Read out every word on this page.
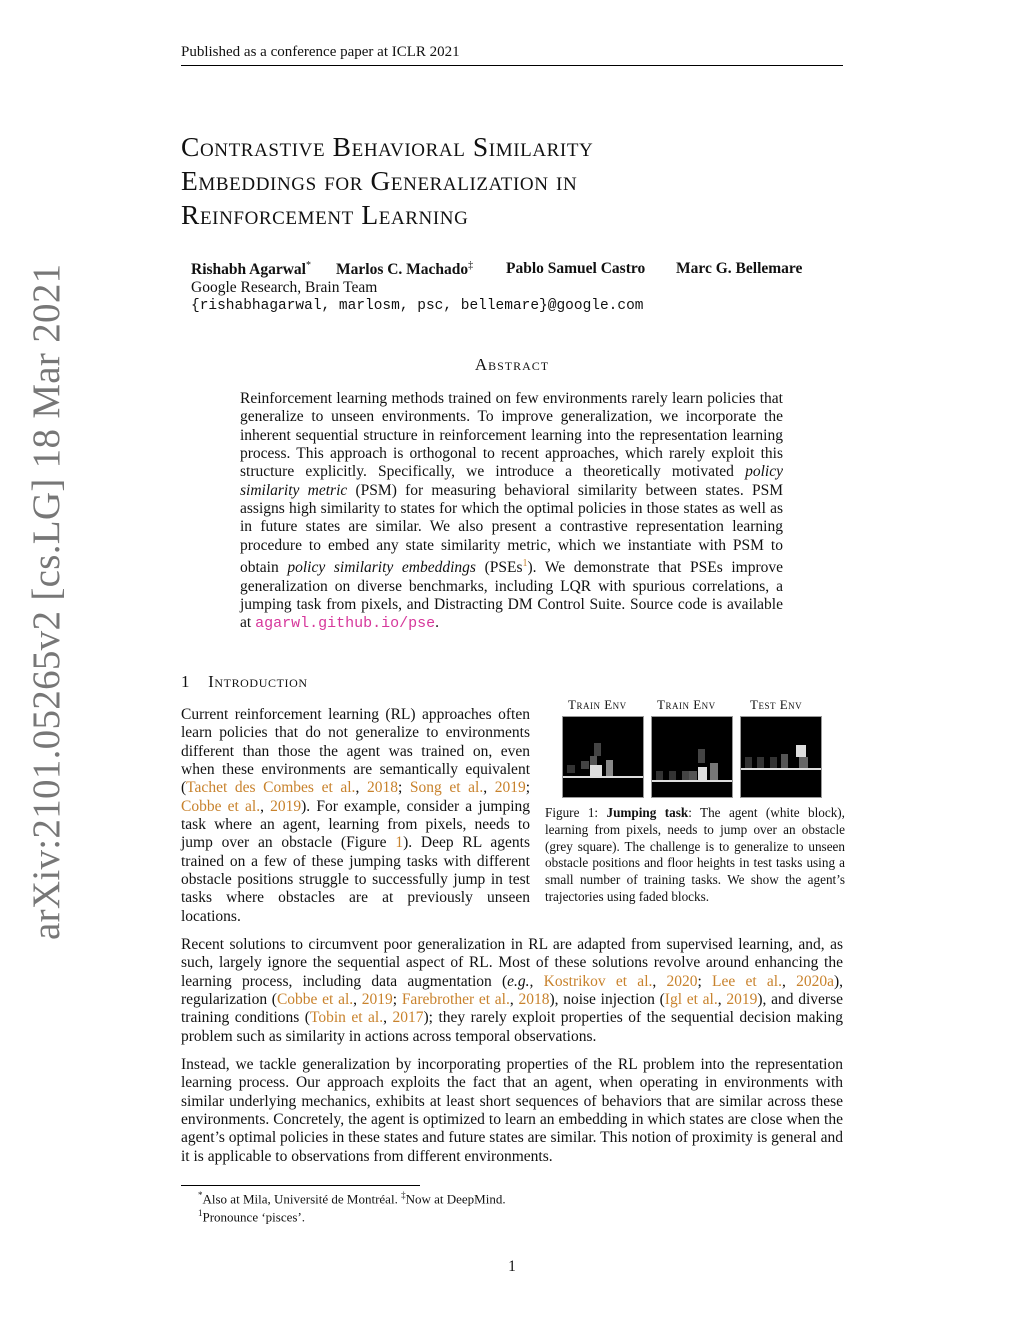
Published as a conference paper at ICLR 2021
arXiv:2101.05265v2 [cs.LG] 18 Mar 2021
Contrastive Behavioral Similarity
Embeddings for Generalization in
Reinforcement Learning
Rishabh Agarwal* Marlos C. Machado‡ Pablo Samuel Castro Marc G. Bellemare
Google Research, Brain Team
{rishabhagarwal, marlosm, psc, bellemare}@google.com
Abstract
Reinforcement learning methods trained on few environments rarely learn policies that generalize to unseen environments. To improve generalization, we incorporate the inherent sequential structure in reinforcement learning into the representation learning process. This approach is orthogonal to recent approaches, which rarely exploit this structure explicitly. Specifically, we introduce a theoretically motivated policy similarity metric (PSM) for measuring behavioral similarity between states. PSM assigns high similarity to states for which the optimal policies in those states as well as in future states are similar. We also present a contrastive representation learning procedure to embed any state similarity metric, which we instantiate with PSM to obtain policy similarity embeddings (PSEs$^1$). We demonstrate that PSEs improve generalization on diverse benchmarks, including LQR with spurious correlations, a jumping task from pixels, and Distracting DM Control Suite. Source code is available at agarwl.github.io/pse.
1 Introduction
Current reinforcement learning (RL) approaches often learn policies that do not generalize to environments different than those the agent was trained on, even when these environments are semantically equivalent (Tachet des Combes et al., 2018; Song et al., 2019; Cobbe et al., 2019). For example, consider a jumping task where an agent, learning from pixels, needs to jump over an obstacle (Figure 1). Deep RL agents trained on a few of these jumping tasks with different obstacle positions struggle to successfully jump in test tasks where obstacles are at previously unseen locations.
Train Env Train Env	Test Env
Figure 1: Jumping task: The agent (white block), learning from pixels, needs to jump over an obstacle (grey square). The challenge is to generalize to unseen obstacle positions and floor heights in test tasks using a small number of training tasks. We show the agent’s trajectories using faded blocks.
Recent solutions to circumvent poor generalization in RL are adapted from supervised learning, and, as such, largely ignore the sequential aspect of RL. Most of these solutions revolve around enhancing the learning process, including data augmentation (e.g., Kostrikov et al., 2020; Lee et al., 2020a), regularization (Cobbe et al., 2019; Farebrother et al., 2018), noise injection (Igl et al., 2019), and diverse training conditions (Tobin et al., 2017); they rarely exploit properties of the sequential decision making problem such as similarity in actions across temporal observations.
Instead, we tackle generalization by incorporating properties of the RL problem into the representation learning process. Our approach exploits the fact that an agent, when operating in environments with similar underlying mechanics, exhibits at least short sequences of behaviors that are similar across these environments. Concretely, the agent is optimized to learn an embedding in which states are close when the agent’s optimal policies in these states and future states are similar. This notion of proximity is general and it is applicable to observations from different environments.
*Also at Mila, Université de Montréal. ‡Now at DeepMind.
$^1$Pronounce ‘pisces’.
1
